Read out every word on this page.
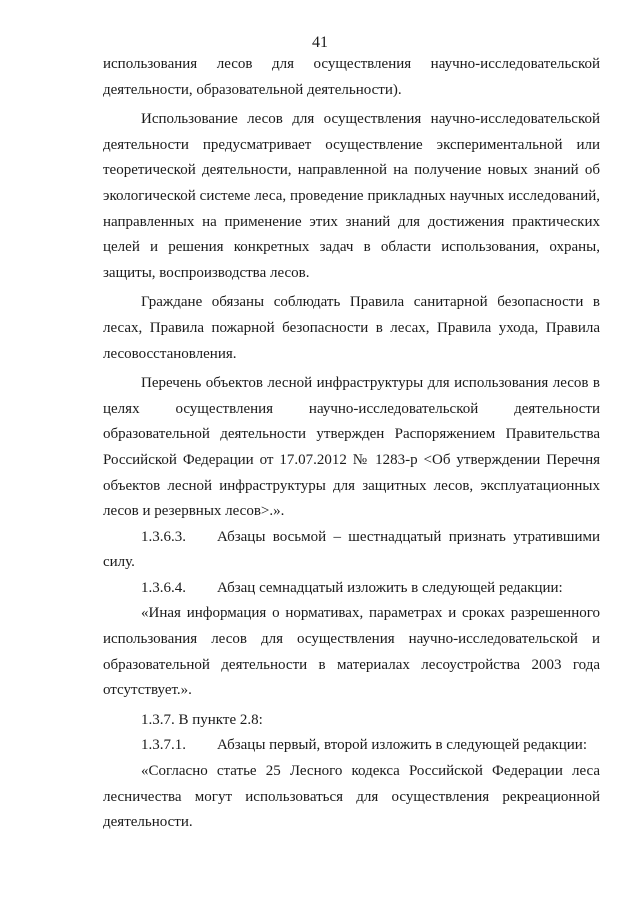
41

использования лесов для осуществления научно-исследовательской деятельности, образовательной деятельности).

Использование лесов для осуществления научно-исследовательской деятельности предусматривает осуществление экспериментальной или теоретической деятельности, направленной на получение новых знаний об экологической системе леса, проведение прикладных научных исследований, направленных на применение этих знаний для достижения практических целей и решения конкретных задач в области использования, охраны, защиты, воспроизводства лесов.

Граждане обязаны соблюдать Правила санитарной безопасности в лесах, Правила пожарной безопасности в лесах, Правила ухода, Правила лесовосстановления.

Перечень объектов лесной инфраструктуры для использования лесов в целях осуществления научно-исследовательской деятельности образовательной деятельности утвержден Распоряжением Правительства Российской Федерации от 17.07.2012 № 1283-р <Об утверждении Перечня объектов лесной инфраструктуры для защитных лесов, эксплуатационных лесов и резервных лесов>.».

1.3.6.3. Абзацы восьмой – шестнадцатый признать утратившими силу.

1.3.6.4. Абзац семнадцатый изложить в следующей редакции:

«Иная информация о нормативах, параметрах и сроках разрешенного использования лесов для осуществления научно-исследовательской и образовательной деятельности в материалах лесоустройства 2003 года отсутствует.».

1.3.7. В пункте 2.8:

1.3.7.1. Абзацы первый, второй изложить в следующей редакции:

«Согласно статье 25 Лесного кодекса Российской Федерации леса лесничества могут использоваться для осуществления рекреационной деятельности.
